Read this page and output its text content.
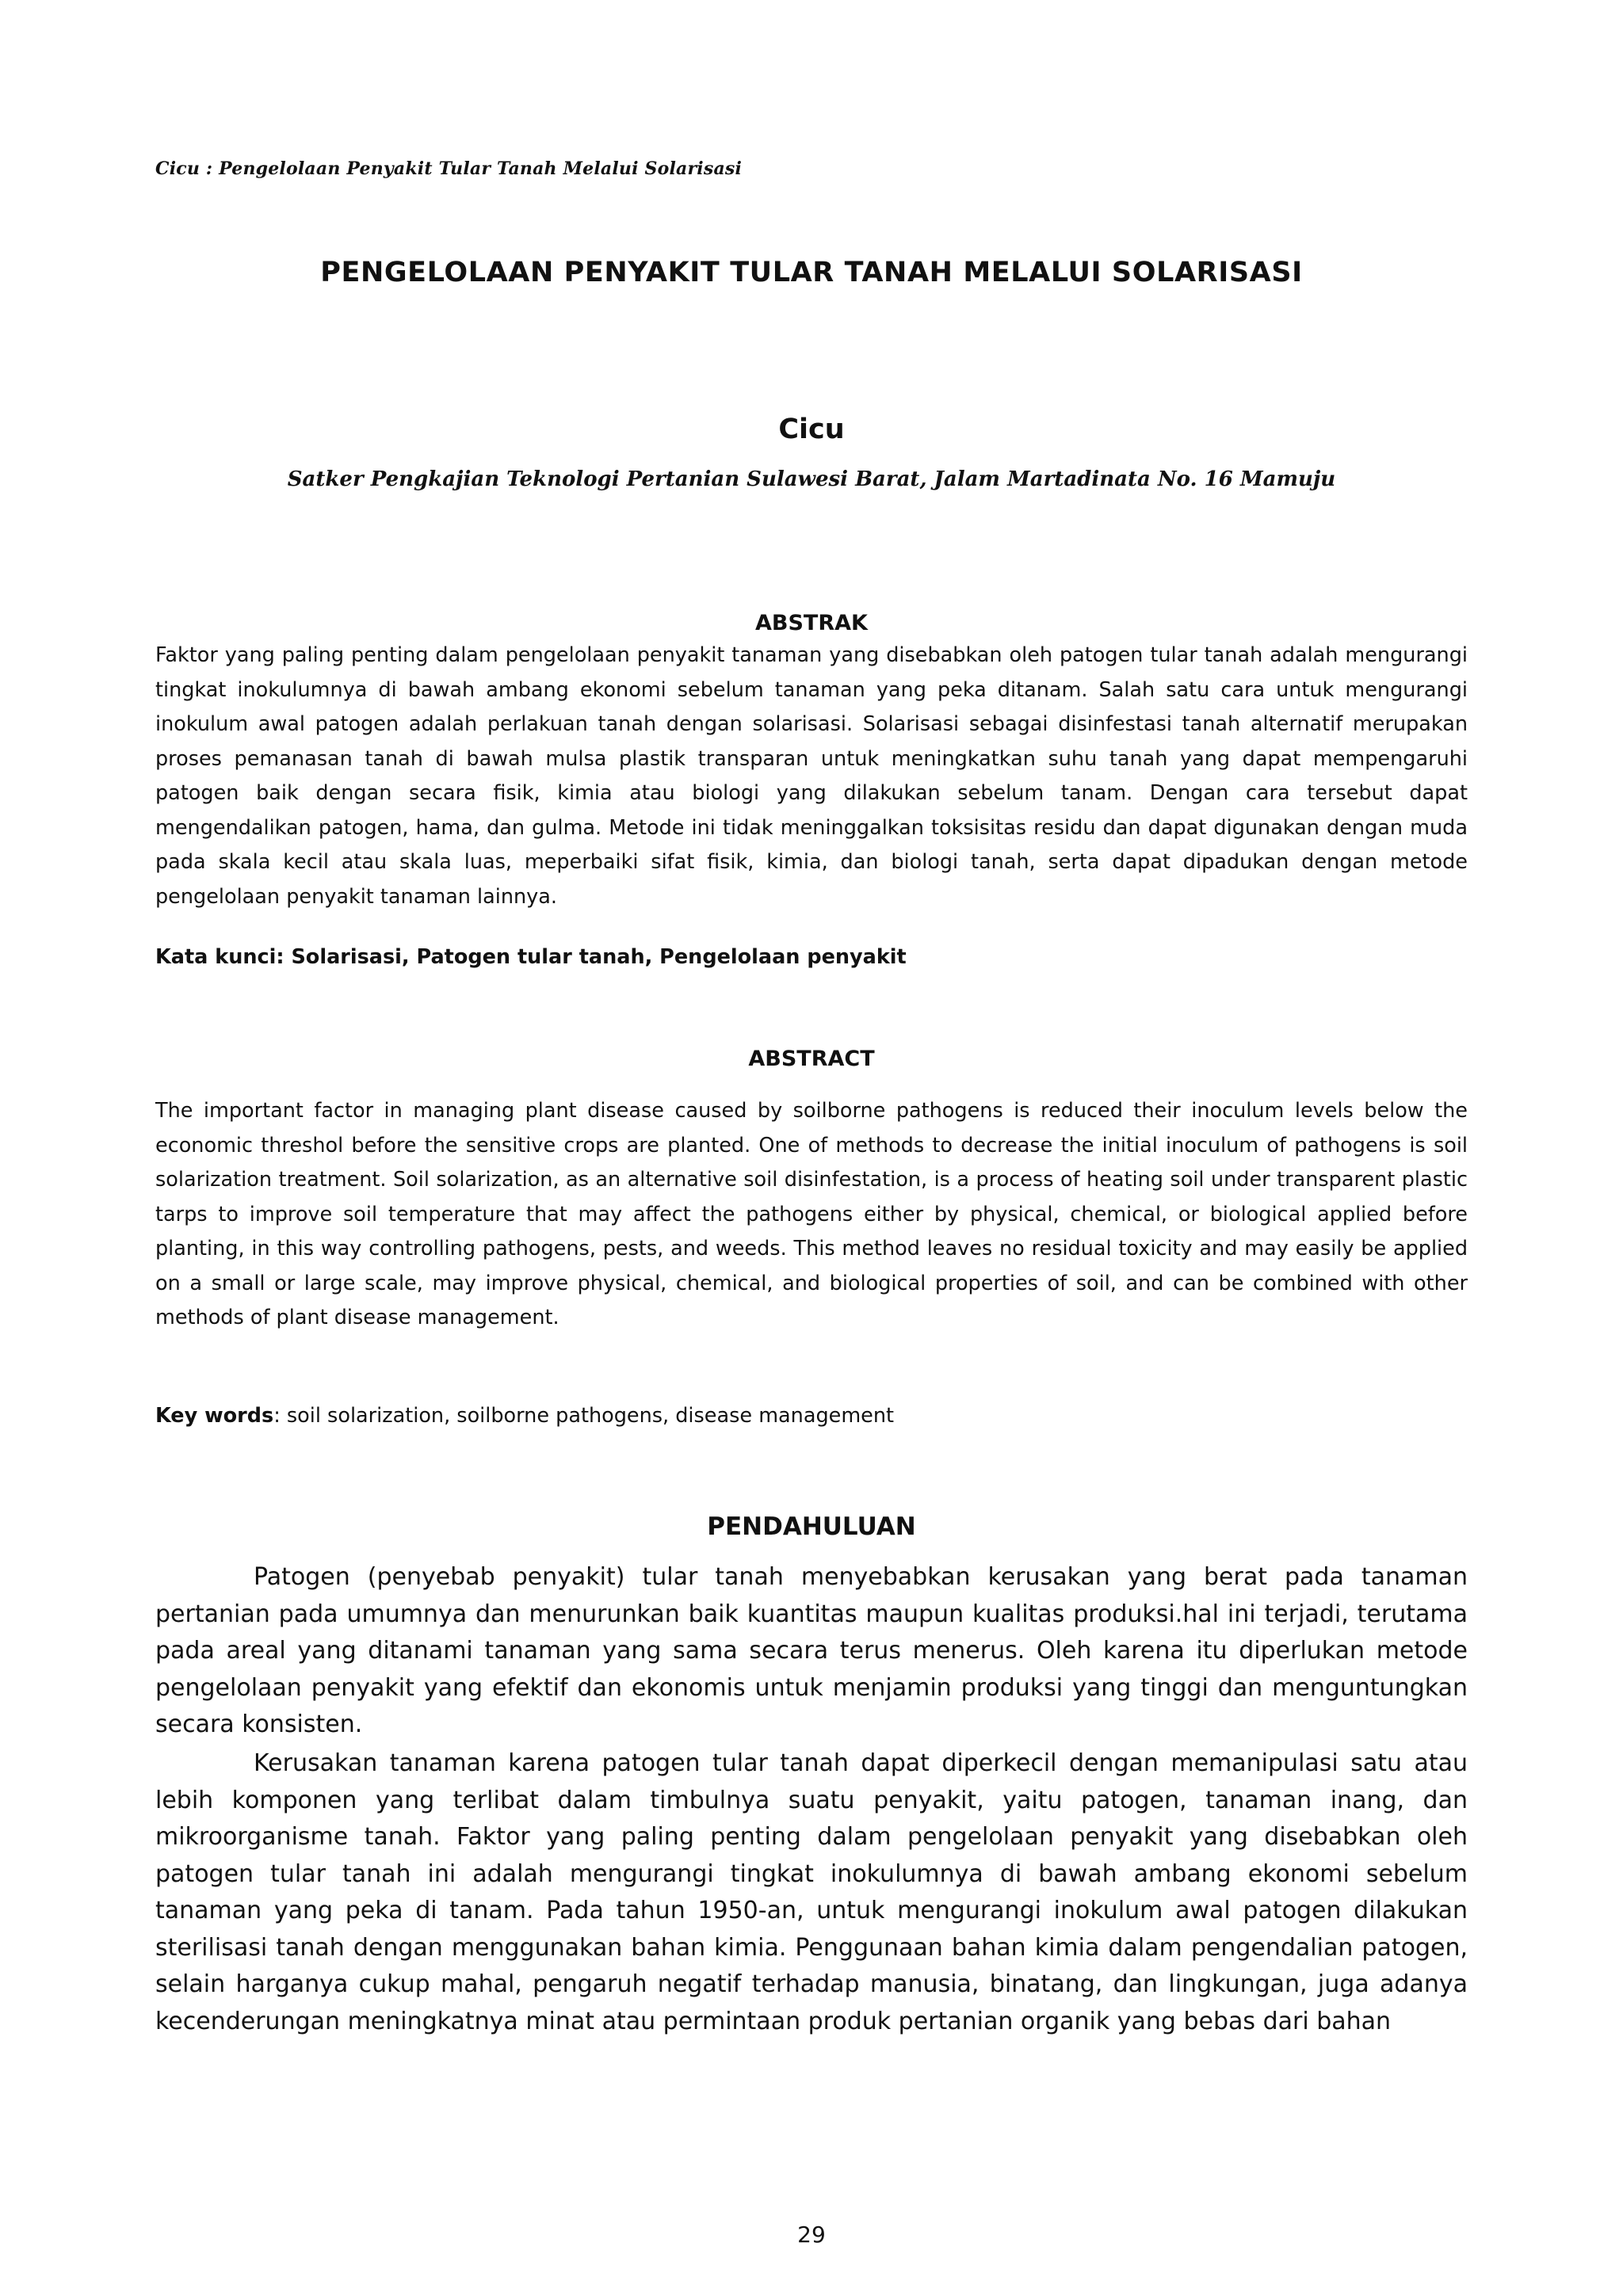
Cicu : Pengelolaan Penyakit Tular Tanah Melalui Solarisasi
PENGELOLAAN PENYAKIT TULAR TANAH MELALUI SOLARISASI
Cicu
Satker Pengkajian Teknologi Pertanian Sulawesi Barat, Jalam Martadinata No. 16 Mamuju
ABSTRAK

Faktor yang paling penting dalam pengelolaan penyakit tanaman yang disebabkan oleh patogen tular tanah adalah mengurangi tingkat inokulumnya di bawah ambang ekonomi sebelum tanaman yang peka ditanam. Salah satu cara untuk mengurangi inokulum awal patogen adalah perlakuan tanah dengan solarisasi. Solarisasi sebagai disinfestasi tanah alternatif merupakan proses pemanasan tanah di bawah mulsa plastik transparan untuk meningkatkan suhu tanah yang dapat mempengaruhi patogen baik dengan secara fisik, kimia atau biologi yang dilakukan sebelum tanam. Dengan cara tersebut dapat mengendalikan patogen, hama, dan gulma. Metode ini tidak meninggalkan toksisitas residu dan dapat digunakan dengan muda pada skala kecil atau skala luas, meperbaiki sifat fisik, kimia, dan biologi tanah, serta dapat dipadukan dengan metode pengelolaan penyakit tanaman lainnya.

Kata kunci: Solarisasi, Patogen tular tanah, Pengelolaan penyakit

ABSTRACT

The important factor in managing plant disease caused by soilborne pathogens is reduced their inoculum levels below the economic threshol before the sensitive crops are planted. One of methods to decrease the initial inoculum of pathogens is soil solarization treatment. Soil solarization, as an alternative soil disinfestation, is a process of heating soil under transparent plastic tarps to improve soil temperature that may affect the pathogens either by physical, chemical, or biological applied before planting, in this way controlling pathogens, pests, and weeds. This method leaves no residual toxicity and may easily be applied on a small or large scale, may improve physical, chemical, and biological properties of soil, and can be combined with other methods of plant disease management.

Key words: soil solarization, soilborne pathogens, disease management

PENDAHULUAN

Patogen (penyebab penyakit) tular tanah menyebabkan kerusakan yang berat pada tanaman pertanian pada umumnya dan menurunkan baik kuantitas maupun kualitas produksi.hal ini terjadi, terutama pada areal yang ditanami tanaman yang sama secara terus menerus. Oleh karena itu diperlukan metode pengelolaan penyakit yang efektif dan ekonomis untuk menjamin produksi yang tinggi dan menguntungkan secara konsisten.

Kerusakan tanaman karena patogen tular tanah dapat diperkecil dengan memanipulasi satu atau lebih komponen yang terlibat dalam timbulnya suatu penyakit, yaitu patogen, tanaman inang, dan mikroorganisme tanah. Faktor yang paling penting dalam pengelolaan penyakit yang disebabkan oleh patogen tular tanah ini adalah mengurangi tingkat inokulumnya di bawah ambang ekonomi sebelum tanaman yang peka di tanam. Pada tahun 1950-an, untuk mengurangi inokulum awal patogen dilakukan sterilisasi tanah dengan menggunakan bahan kimia. Penggunaan bahan kimia dalam pengendalian patogen, selain harganya cukup mahal, pengaruh negatif terhadap manusia, binatang, dan lingkungan, juga adanya kecenderungan meningkatnya minat atau permintaan produk pertanian organik yang bebas dari bahan

29
